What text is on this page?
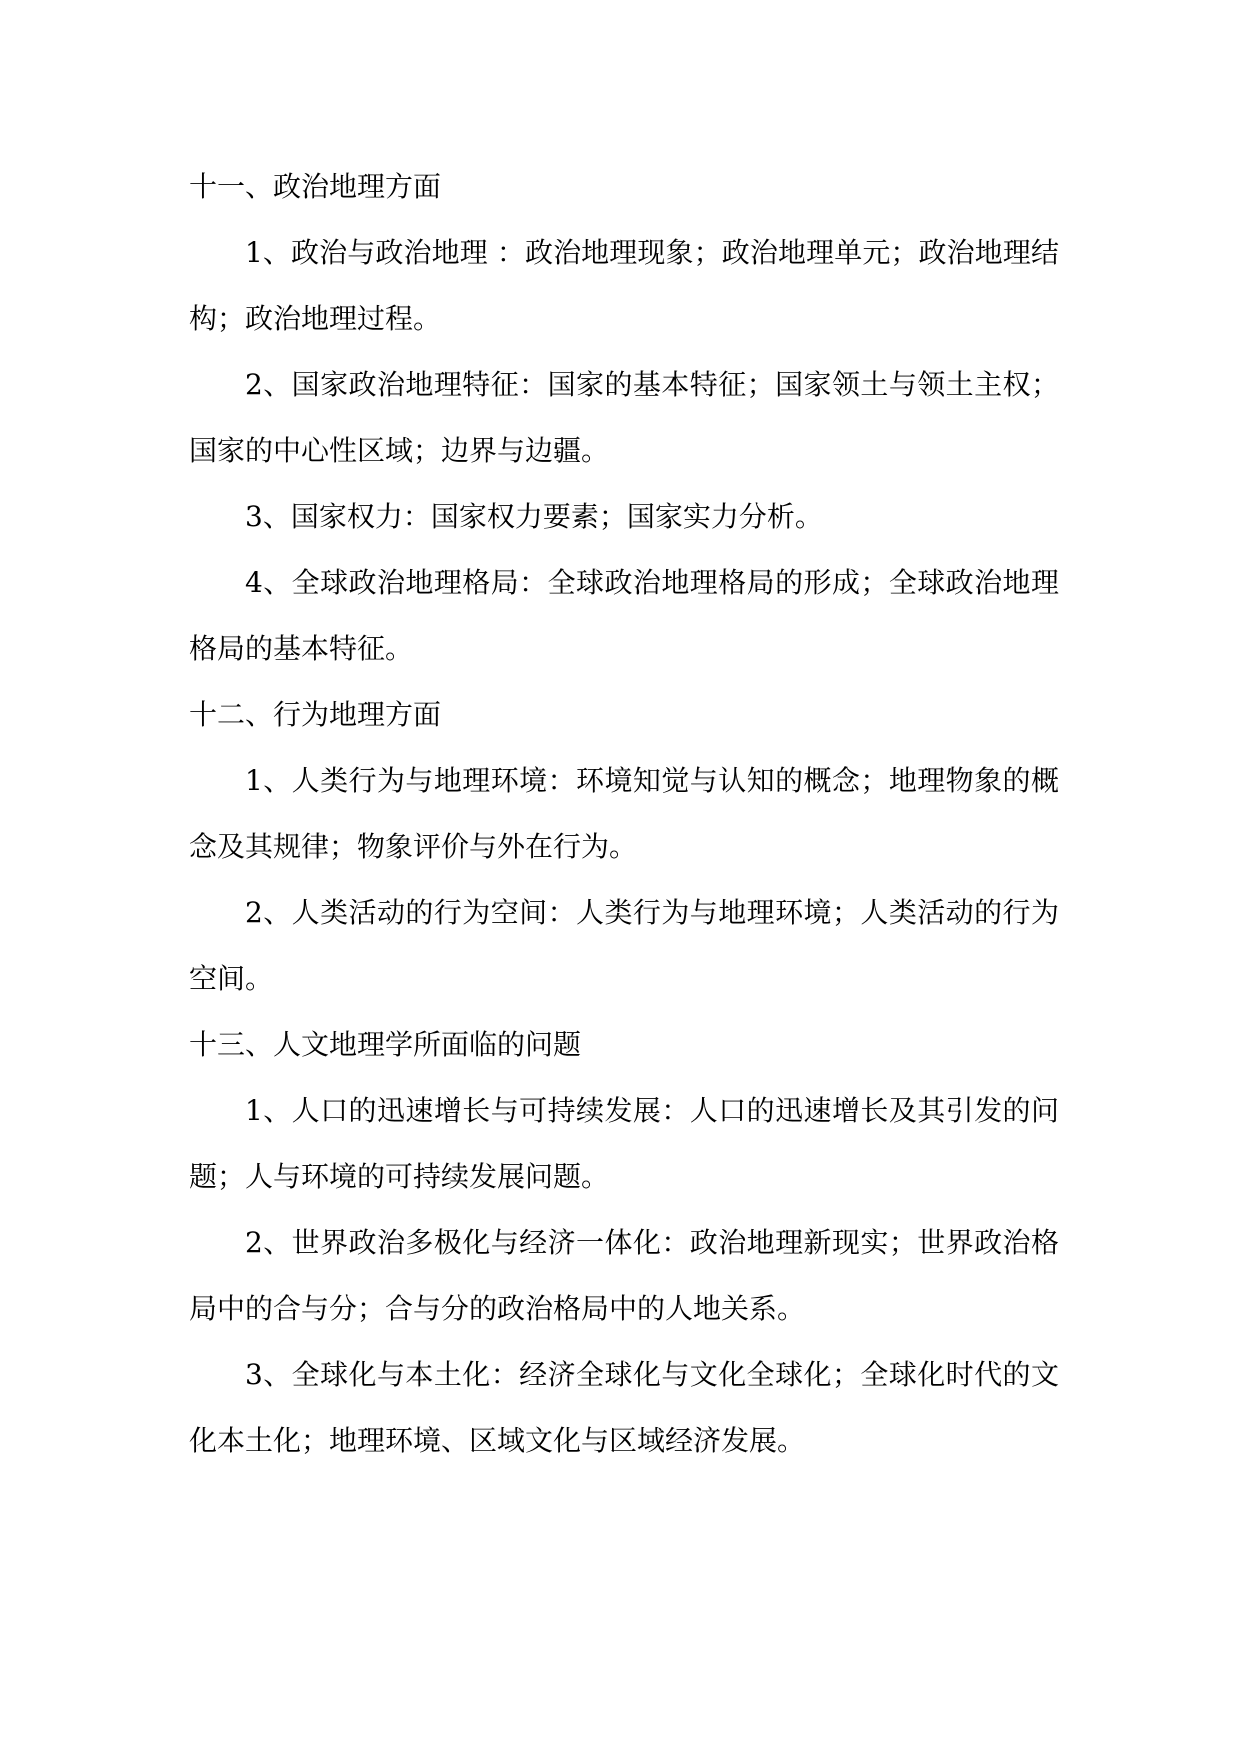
十一、政治地理方面

1、政治与政治地理 ：政治地理现象；政治地理单元；政治地理结构；政治地理过程。

2、国家政治地理特征：国家的基本特征；国家领土与领土主权；国家的中心性区域；边界与边疆。

3、国家权力：国家权力要素；国家实力分析。

4、全球政治地理格局：全球政治地理格局的形成；全球政治地理格局的基本特征。

十二、行为地理方面

1、人类行为与地理环境：环境知觉与认知的概念；地理物象的概念及其规律；物象评价与外在行为。

2、人类活动的行为空间：人类行为与地理环境；人类活动的行为空间。

十三、人文地理学所面临的问题

1、人口的迅速增长与可持续发展：人口的迅速增长及其引发的问题；人与环境的可持续发展问题。

2、世界政治多极化与经济一体化：政治地理新现实；世界政治格局中的合与分；合与分的政治格局中的人地关系。

3、全球化与本土化：经济全球化与文化全球化；全球化时代的文化本土化；地理环境、区域文化与区域经济发展。
